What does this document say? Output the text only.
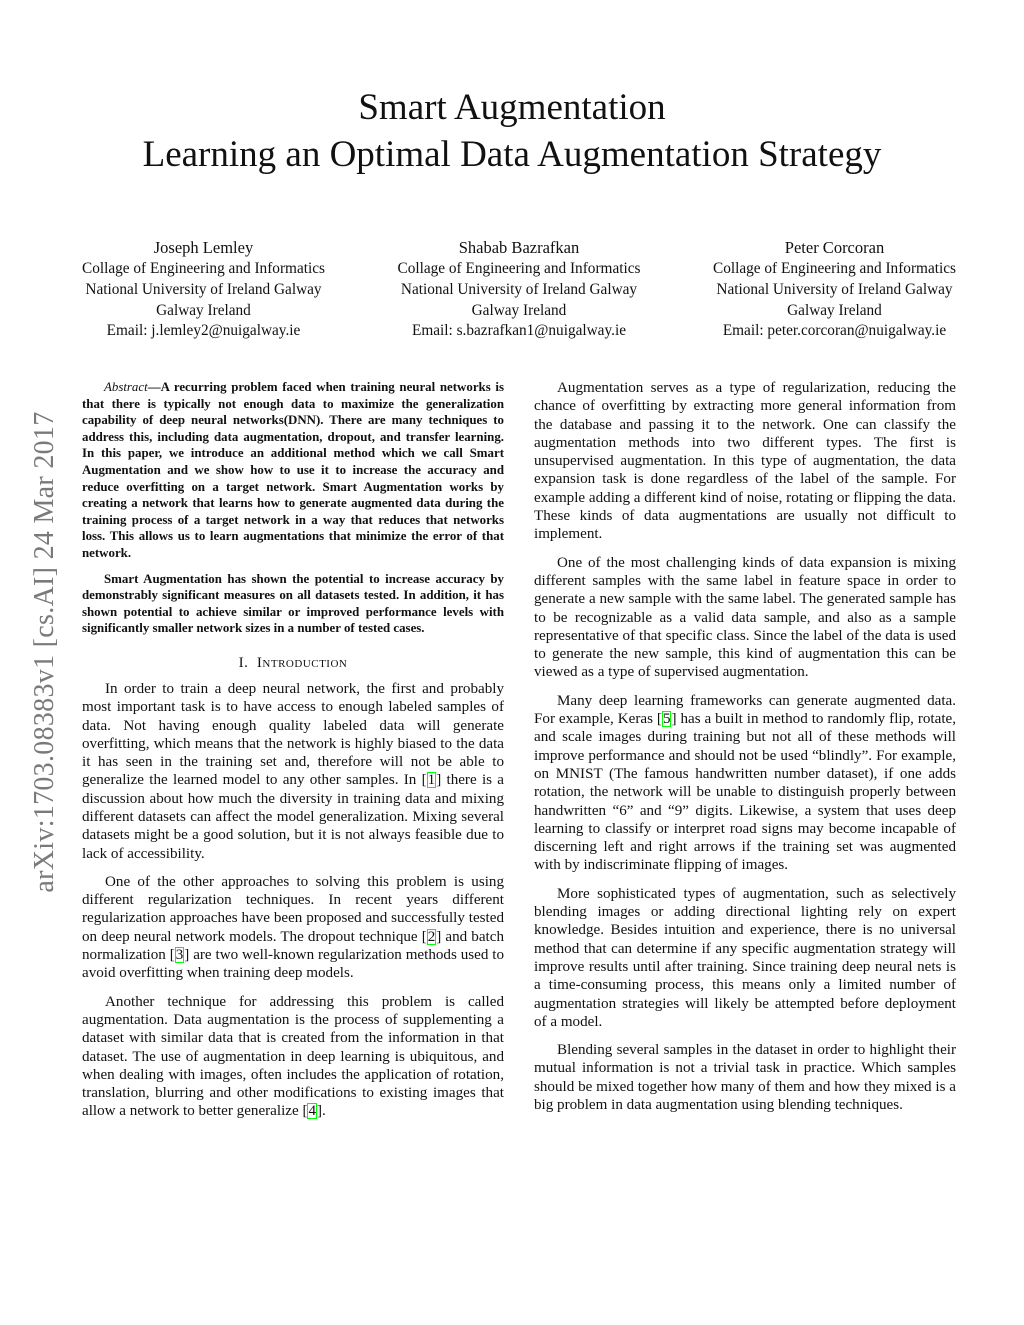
Smart Augmentation
Learning an Optimal Data Augmentation Strategy
Joseph Lemley
Collage of Engineering and Informatics
National University of Ireland Galway
Galway Ireland
Email: j.lemley2@nuigalway.ie
Shabab Bazrafkan
Collage of Engineering and Informatics
National University of Ireland Galway
Galway Ireland
Email: s.bazrafkan1@nuigalway.ie
Peter Corcoran
Collage of Engineering and Informatics
National University of Ireland Galway
Galway Ireland
Email: peter.corcoran@nuigalway.ie
arXiv:1703.08383v1 [cs.AI] 24 Mar 2017

Abstract—A recurring problem faced when training neural networks is that there is typically not enough data to maximize the generalization capability of deep neural networks(DNN). There are many techniques to address this, including data augmentation, dropout, and transfer learning. In this paper, we introduce an additional method which we call Smart Augmentation and we show how to use it to increase the accuracy and reduce overfitting on a target network. Smart Augmentation works by creating a network that learns how to generate augmented data during the training process of a target network in a way that reduces that networks loss. This allows us to learn augmentations that minimize the error of that network.

Smart Augmentation has shown the potential to increase accuracy by demonstrably significant measures on all datasets tested. In addition, it has shown potential to achieve similar or improved performance levels with significantly smaller network sizes in a number of tested cases.

I. Introduction

In order to train a deep neural network, the first and probably most important task is to have access to enough labeled samples of data. Not having enough quality labeled data will generate overfitting, which means that the network is highly biased to the data it has seen in the training set and, therefore will not be able to generalize the learned model to any other samples. In [1] there is a discussion about how much the diversity in training data and mixing different datasets can affect the model generalization. Mixing several datasets might be a good solution, but it is not always feasible due to lack of accessibility.

One of the other approaches to solving this problem is using different regularization techniques. In recent years different regularization approaches have been proposed and successfully tested on deep neural network models. The dropout technique [2] and batch normalization [3] are two well-known regularization methods used to avoid overfitting when training deep models.

Another technique for addressing this problem is called augmentation. Data augmentation is the process of supplementing a dataset with similar data that is created from the information in that dataset. The use of augmentation in deep learning is ubiquitous, and when dealing with images, often includes the application of rotation, translation, blurring and other modifications to existing images that allow a network to better generalize [4].

Augmentation serves as a type of regularization, reducing the chance of overfitting by extracting more general information from the database and passing it to the network. One can classify the augmentation methods into two different types. The first is unsupervised augmentation. In this type of augmentation, the data expansion task is done regardless of the label of the sample. For example adding a different kind of noise, rotating or flipping the data. These kinds of data augmentations are usually not difficult to implement.

One of the most challenging kinds of data expansion is mixing different samples with the same label in feature space in order to generate a new sample with the same label. The generated sample has to be recognizable as a valid data sample, and also as a sample representative of that specific class. Since the label of the data is used to generate the new sample, this kind of augmentation this can be viewed as a type of supervised augmentation.

Many deep learning frameworks can generate augmented data. For example, Keras [5] has a built in method to randomly flip, rotate, and scale images during training but not all of these methods will improve performance and should not be used “blindly”. For example, on MNIST (The famous handwritten number dataset), if one adds rotation, the network will be unable to distinguish properly between handwritten “6” and “9” digits. Likewise, a system that uses deep learning to classify or interpret road signs may become incapable of discerning left and right arrows if the training set was augmented with by indiscriminate flipping of images.

More sophisticated types of augmentation, such as selectively blending images or adding directional lighting rely on expert knowledge. Besides intuition and experience, there is no universal method that can determine if any specific augmentation strategy will improve results until after training. Since training deep neural nets is a time-consuming process, this means only a limited number of augmentation strategies will likely be attempted before deployment of a model.

Blending several samples in the dataset in order to highlight their mutual information is not a trivial task in practice. Which samples should be mixed together how many of them and how they mixed is a big problem in data augmentation using blending techniques.
